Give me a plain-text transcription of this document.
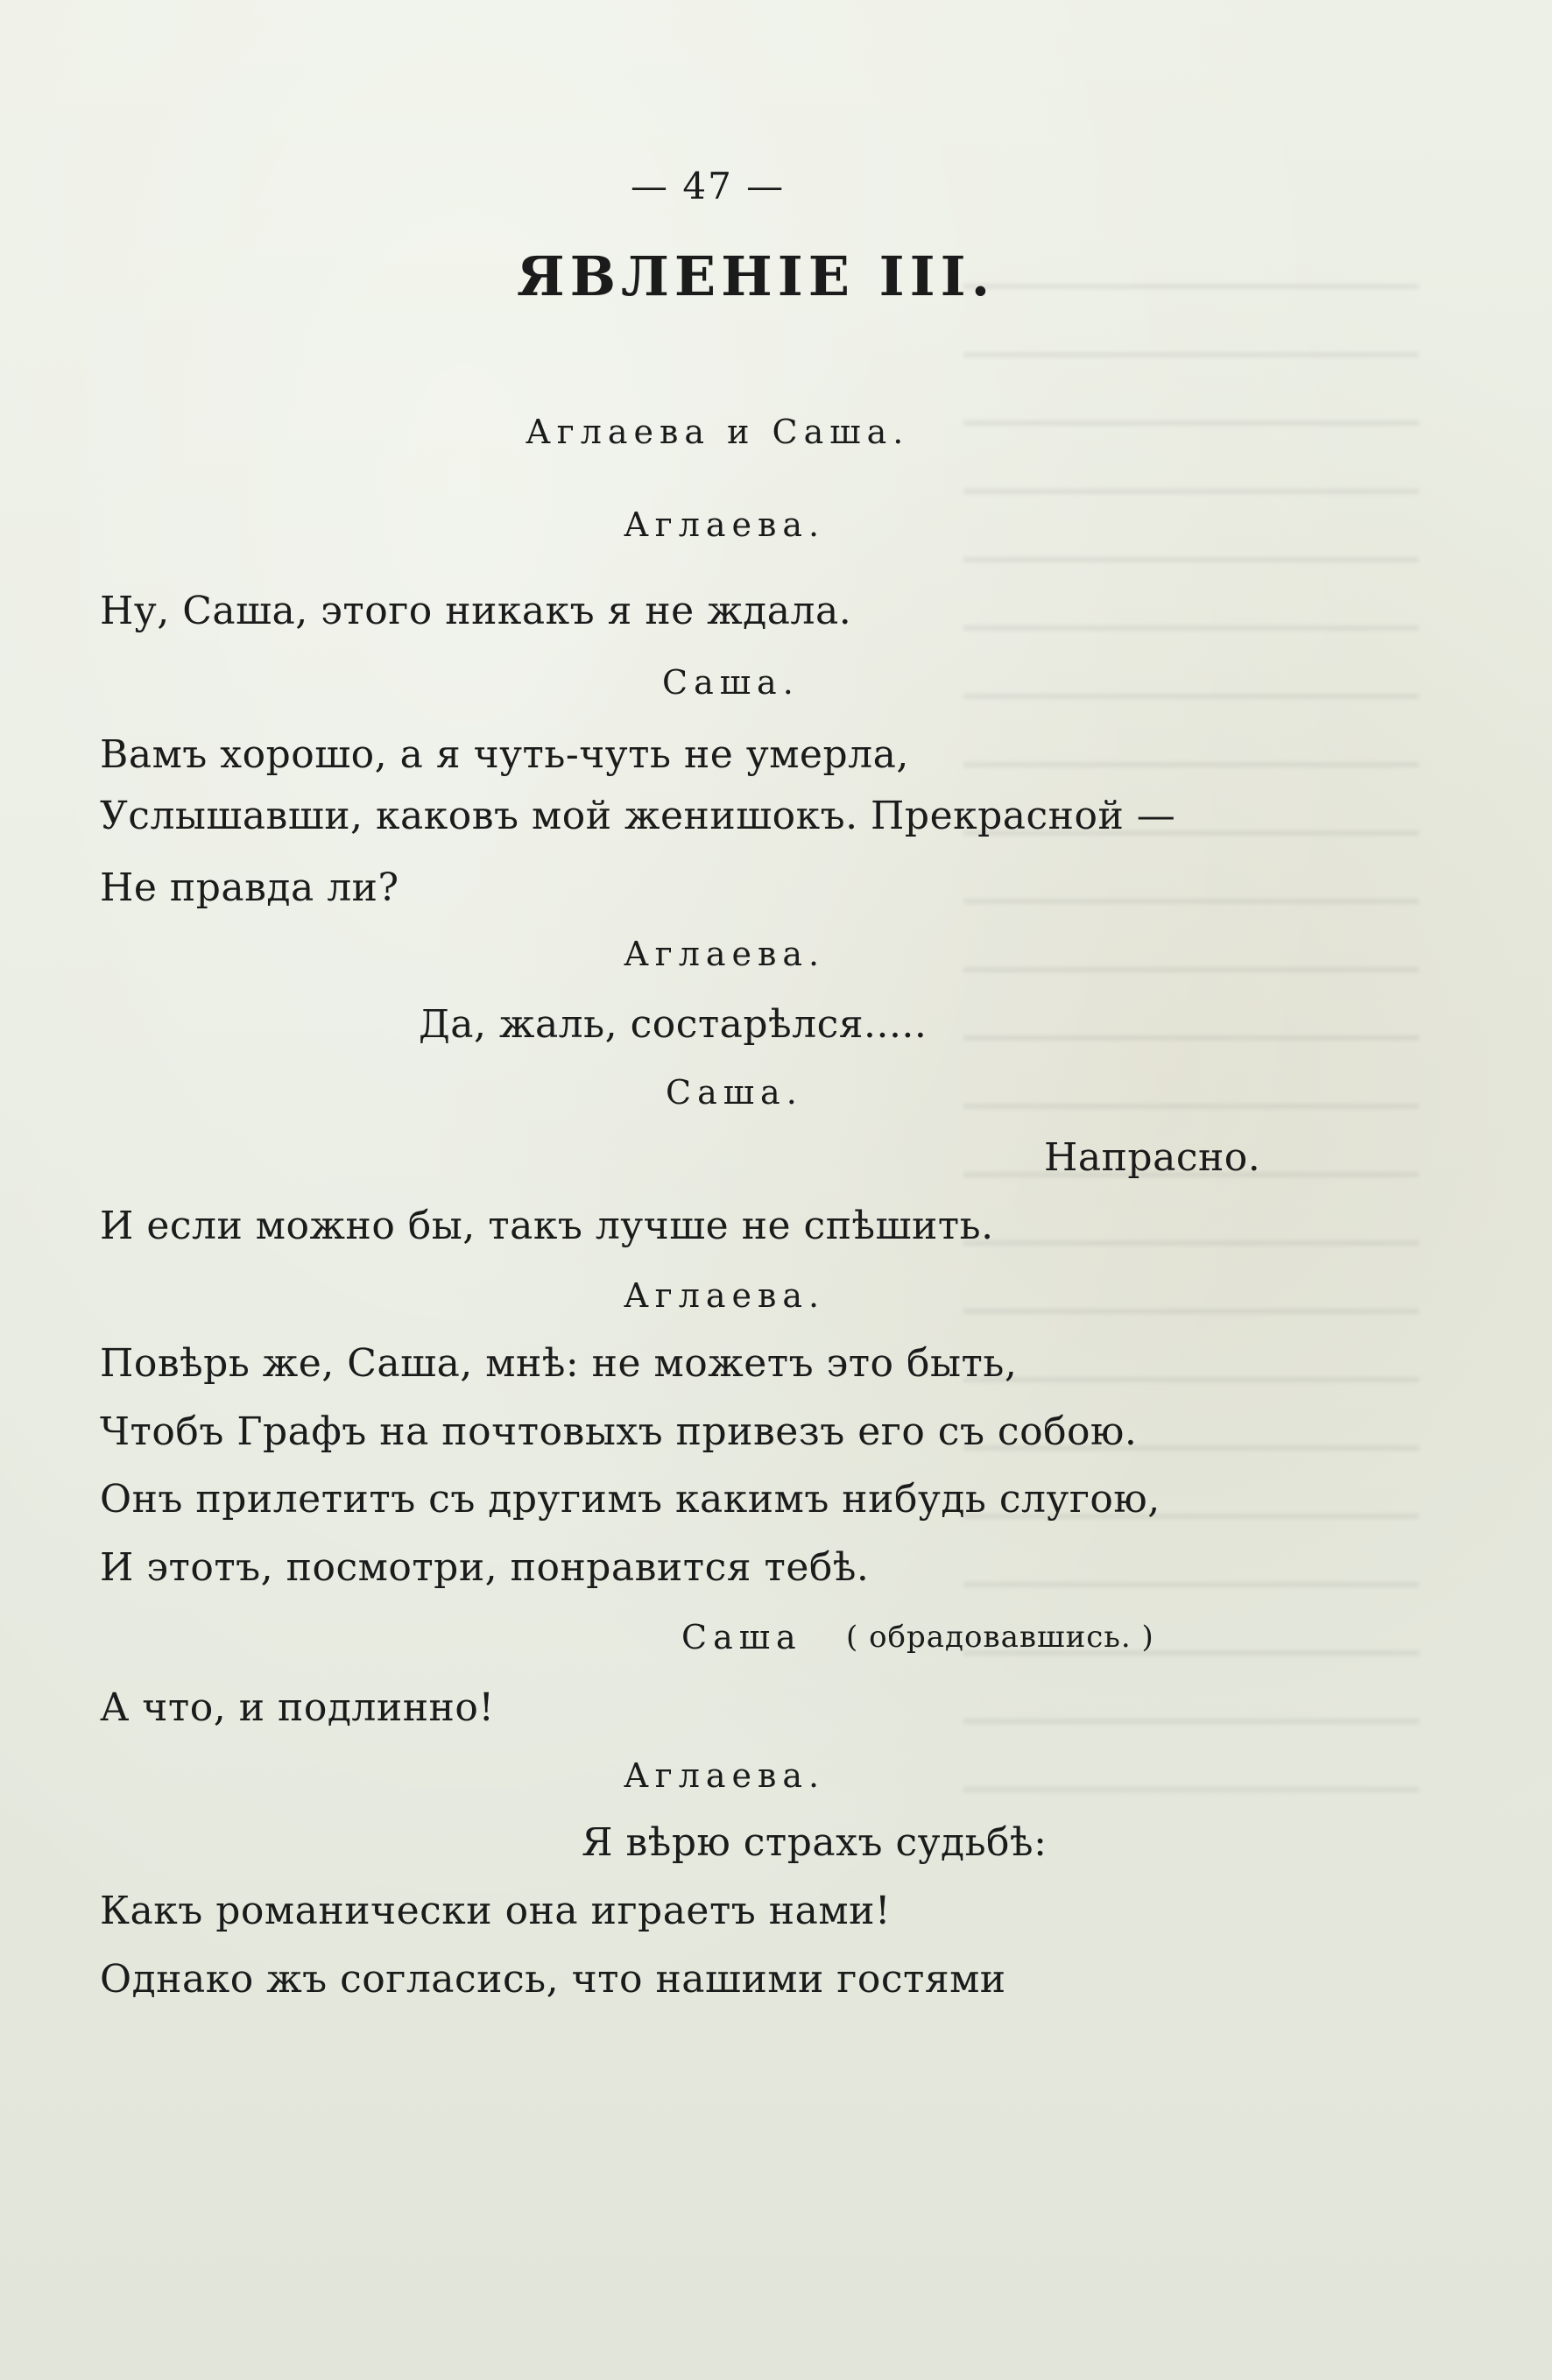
— 47 —
ЯВЛЕНІЕ III.
Аглаева и Саша.
Аглаева.
Ну, Саша, этого никакъ я не ждала.
Саша.
Вамъ хорошо, а я чуть-чуть не умерла,
Услышавши, каковъ мой женишокъ. Прекрасной —
Не правда ли?
Аглаева.
Да, жаль, состарѣлся.....
Саша.
Напрасно.
И если можно бы, такъ лучше не спѣшить.
Аглаева.
Повѣрь же, Саша, мнѣ: не можетъ это быть,
Чтобъ Графъ на почтовыхъ привезъ его съ собою.
Онъ прилетитъ съ другимъ какимъ нибудь слугою,
И этотъ, посмотри, понравится тебѣ.
Саша ( обрадовавшись. )
А что, и подлинно!
Аглаева.
Я вѣрю страхъ судьбѣ:
Какъ романически она играетъ нами!
Однако жъ согласись, что нашими гостями
